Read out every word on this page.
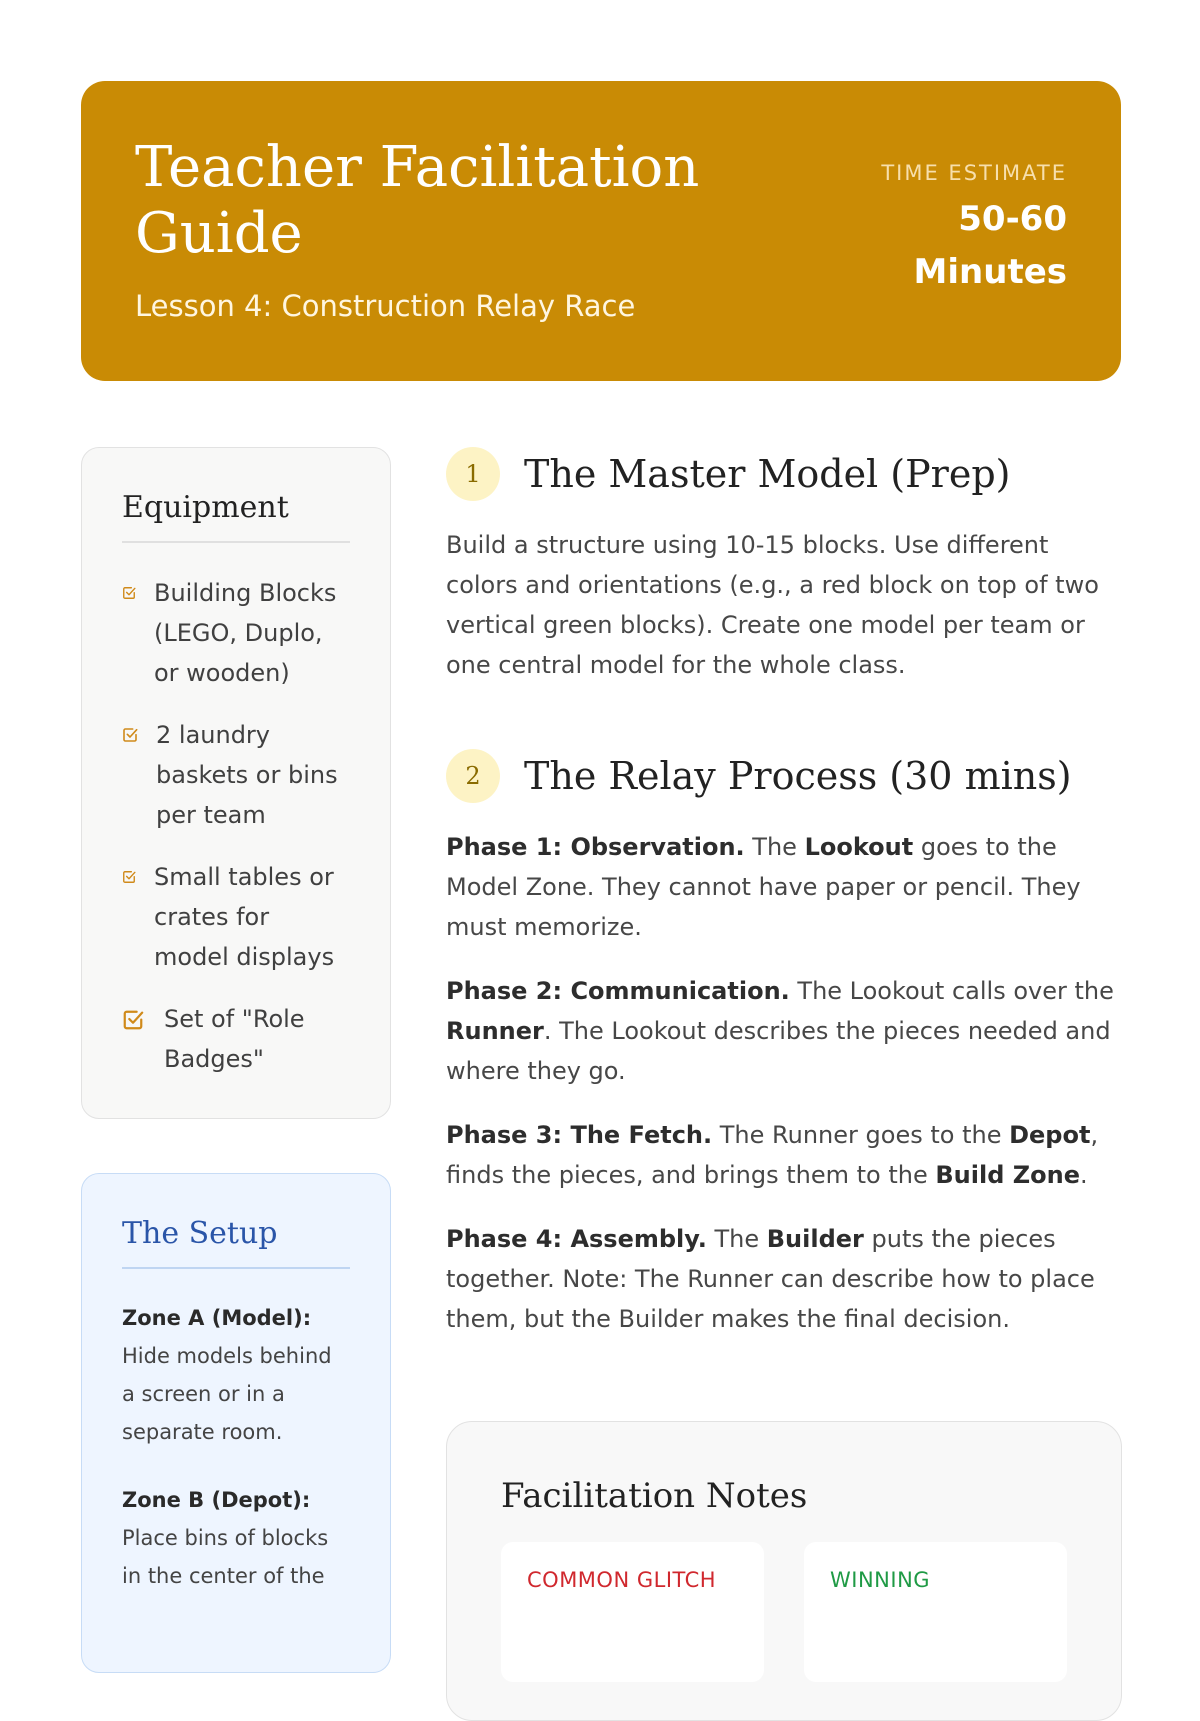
Teacher Facilitation Guide
Lesson 4: Construction Relay Race
TIME ESTIMATE
50-60 Minutes
Equipment
Building Blocks (LEGO, Duplo, or wooden)
2 laundry baskets or bins per team
Small tables or crates for model displays
Set of "Role Badges"
The Setup
Zone A (Model): Hide models behind a screen or in a separate room.
Zone B (Depot): Place bins of blocks in the center of the
1	The Master Model (Prep)

Build a structure using 10-15 blocks. Use different colors and orientations (e.g., a red block on top of two vertical green blocks). Create one model per team or one central model for the whole class.

2	The Relay Process (30 mins)

Phase 1: Observation. The Lookout goes to the Model Zone. They cannot have paper or pencil. They must memorize.

Phase 2: Communication. The Lookout calls over the Runner. The Lookout describes the pieces needed and where they go.

Phase 3: The Fetch. The Runner goes to the Depot, finds the pieces, and brings them to the Build Zone.

Phase 4: Assembly. The Builder puts the pieces together. Note: The Runner can describe how to place them, but the Builder makes the final decision.

Facilitation Notes
COMMON GLITCH	WINNING
